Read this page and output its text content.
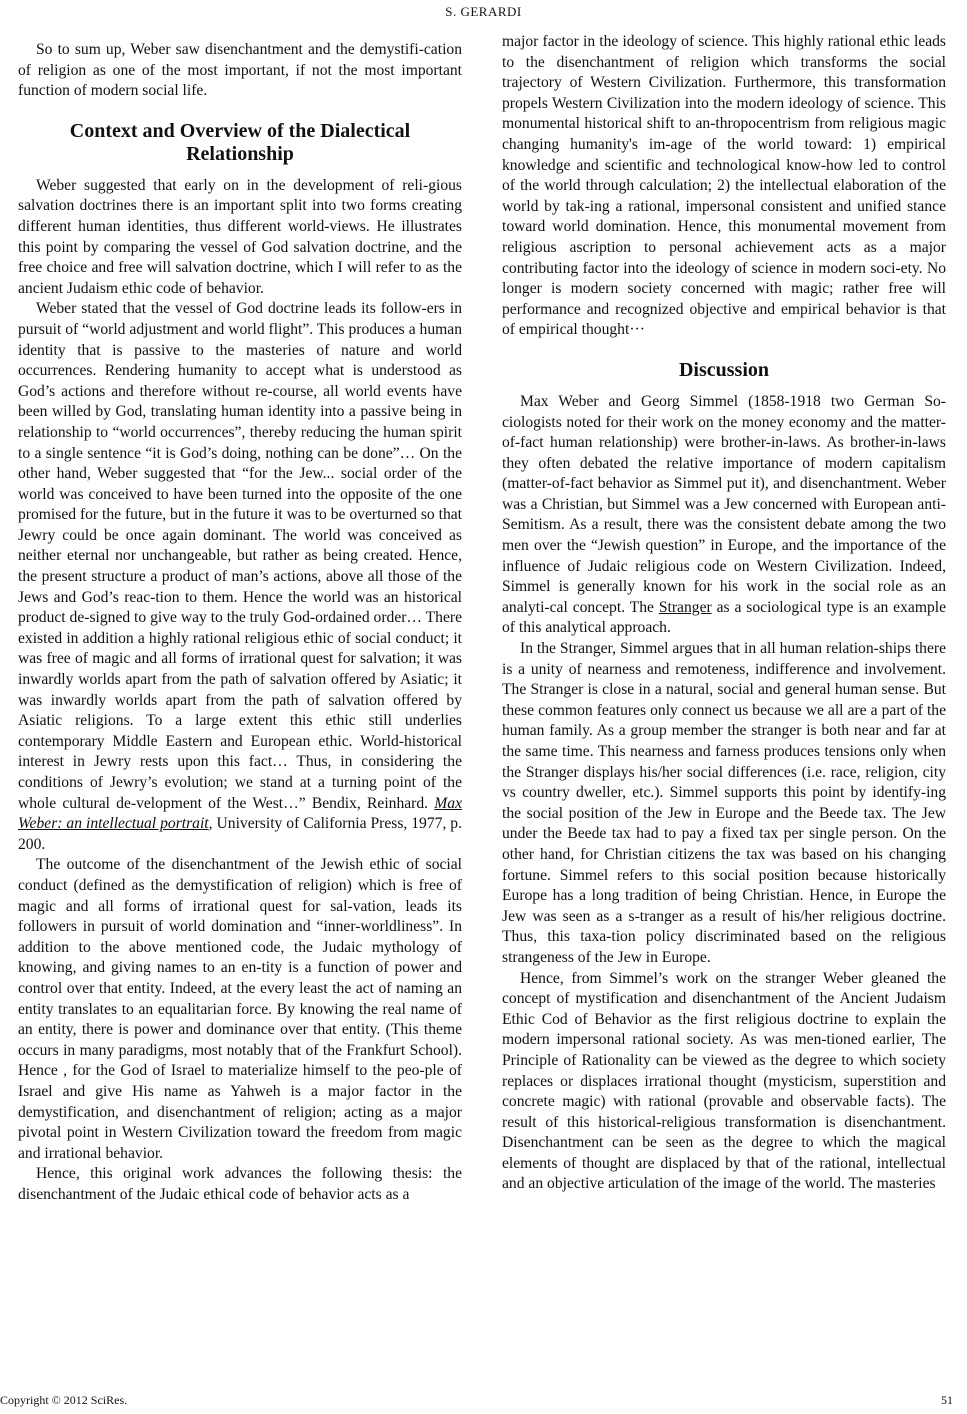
S. GERARDI

So to sum up, Weber saw disenchantment and the demystifi-cation of religion as one of the most important, if not the most important function of modern social life.

Context and Overview of the Dialectical Relationship

Weber suggested that early on in the development of reli-gious salvation doctrines there is an important split into two forms creating different human identities, thus different world-views. He illustrates this point by comparing the vessel of God salvation doctrine, and the free choice and free will salvation doctrine, which I will refer to as the ancient Judaism ethic code of behavior.

Weber stated that the vessel of God doctrine leads its follow-ers in pursuit of “world adjustment and world flight”. This produces a human identity that is passive to the masteries of nature and world occurrences. Rendering humanity to accept what is understood as God’s actions and therefore without re-course, all world events have been willed by God, translating human identity into a passive being in relationship to “world occurrences”, thereby reducing the human spirit to a single sentence “it is God’s doing, nothing can be done”… On the other hand, Weber suggested that “for the Jew... social order of the world was conceived to have been turned into the opposite of the one promised for the future, but in the future it was to be overturned so that Jewry could be once again dominant. The world was conceived as neither eternal nor unchangeable, but rather as being created. Hence, the present structure a product of man’s actions, above all those of the Jews and God’s reac-tion to them. Hence the world was an historical product de-signed to give way to the truly God-ordained order… There existed in addition a highly rational religious ethic of social conduct; it was free of magic and all forms of irrational quest for salvation; it was inwardly worlds apart from the path of salvation offered by Asiatic; it was inwardly worlds apart from the path of salvation offered by Asiatic religions. To a large extent this ethic still underlies contemporary Middle Eastern and European ethic. World-historical interest in Jewry rests upon this fact… Thus, in considering the conditions of Jewry’s evolution; we stand at a turning point of the whole cultural de-velopment of the West…” Bendix, Reinhard. Max Weber: an intellectual portrait, University of California Press, 1977, p. 200.

The outcome of the disenchantment of the Jewish ethic of social conduct (defined as the demystification of religion) which is free of magic and all forms of irrational quest for sal-vation, leads its followers in pursuit of world domination and “inner-worldliness”. In addition to the above mentioned code, the Judaic mythology of knowing, and giving names to an en-tity is a function of power and control over that entity. Indeed, at the every least the act of naming an entity translates to an equalitarian force. By knowing the real name of an entity, there is power and dominance over that entity. (This theme occurs in many paradigms, most notably that of the Frankfurt School). Hence , for the God of Israel to materialize himself to the peo-ple of Israel and give His name as Yahweh is a major factor in the demystification, and disenchantment of religion; acting as a major pivotal point in Western Civilization toward the freedom from magic and irrational behavior.

Hence, this original work advances the following thesis: the disenchantment of the Judaic ethical code of behavior acts as a

major factor in the ideology of science. This highly rational ethic leads to the disenchantment of religion which transforms the social trajectory of Western Civilization. Furthermore, this transformation propels Western Civilization into the modern ideology of science. This monumental historical shift to an-thropocentrism from religious magic changing humanity's im-age of the world toward: 1) empirical knowledge and scientific and technological know-how led to control of the world through calculation; 2) the intellectual elaboration of the world by tak-ing a rational, impersonal consistent and unified stance toward world domination. Hence, this monumental movement from religious ascription to personal achievement acts as a major contributing factor into the ideology of science in modern soci-ety. No longer is modern society concerned with magic; rather free will performance and recognized objective and empirical behavior is that of empirical thought···

Discussion

Max Weber and Georg Simmel (1858-1918 two German So-ciologists noted for their work on the money economy and the matter-of-fact human relationship) were brother-in-laws. As brother-in-laws they often debated the relative importance of modern capitalism (matter-of-fact behavior as Simmel put it), and disenchantment. Weber was a Christian, but Simmel was a Jew concerned with European anti-Semitism. As a result, there was the consistent debate among the two men over the “Jewish question” in Europe, and the importance of the influence of Judaic religious code on Western Civilization. Indeed, Simmel is generally known for his work in the social role as an analyti-cal concept. The Stranger as a sociological type is an example of this analytical approach.

In the Stranger, Simmel argues that in all human relation-ships there is a unity of nearness and remoteness, indifference and involvement. The Stranger is close in a natural, social and general human sense. But these common features only connect us because we all are a part of the human family. As a group member the stranger is both near and far at the same time. This nearness and farness produces tensions only when the Stranger displays his/her social differences (i.e. race, religion, city vs country dweller, etc.). Simmel supports this point by identify-ing the social position of the Jew in Europe and the Beede tax. The Jew under the Beede tax had to pay a fixed tax per single person. On the other hand, for Christian citizens the tax was based on his changing fortune. Simmel refers to this social position because historically Europe has a long tradition of being Christian. Hence, in Europe the Jew was seen as a s-tranger as a result of his/her religious doctrine. Thus, this taxa-tion policy discriminated based on the religious strangeness of the Jew in Europe.

Hence, from Simmel’s work on the stranger Weber gleaned the concept of mystification and disenchantment of the Ancient Judaism Ethic Cod of Behavior as the first religious doctrine to explain the modern impersonal rational society. As was men-tioned earlier, The Principle of Rationality can be viewed as the degree to which society replaces or displaces irrational thought (mysticism, superstition and concrete magic) with rational (provable and observable facts). The result of this historical-religious transformation is disenchantment. Disenchantment can be seen as the degree to which the magical elements of thought are displaced by that of the rational, intellectual and an objective articulation of the image of the world. The masteries

Copyright © 2012 SciRes.	51
